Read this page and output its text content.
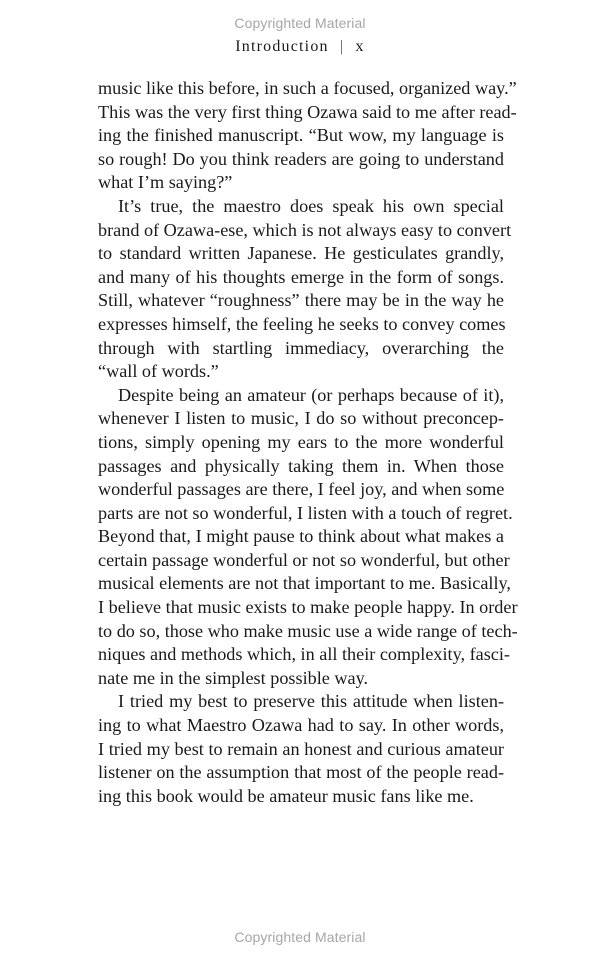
Copyrighted Material
Introduction | x
music like this before, in such a focused, organized way.”
This was the very first thing Ozawa said to me after read-
ing the finished manuscript. “But wow, my language is
so rough! Do you think readers are going to understand
what I’m saying?”
It’s true, the maestro does speak his own special
brand of Ozawa-ese, which is not always easy to convert
to standard written Japanese. He gesticulates grandly,
and many of his thoughts emerge in the form of songs.
Still, whatever “roughness” there may be in the way he
expresses himself, the feeling he seeks to convey comes
through with startling immediacy, overarching the
“wall of words.”
Despite being an amateur (or perhaps because of it),
whenever I listen to music, I do so without preconcep-
tions, simply opening my ears to the more wonderful
passages and physically taking them in. When those
wonderful passages are there, I feel joy, and when some
parts are not so wonderful, I listen with a touch of regret.
Beyond that, I might pause to think about what makes a
certain passage wonderful or not so wonderful, but other
musical elements are not that important to me. Basically,
I believe that music exists to make people happy. In order
to do so, those who make music use a wide range of tech-
niques and methods which, in all their complexity, fasci-
nate me in the simplest possible way.
I tried my best to preserve this attitude when listen-
ing to what Maestro Ozawa had to say. In other words,
I tried my best to remain an honest and curious amateur
listener on the assumption that most of the people read-
ing this book would be amateur music fans like me.
Copyrighted Material
